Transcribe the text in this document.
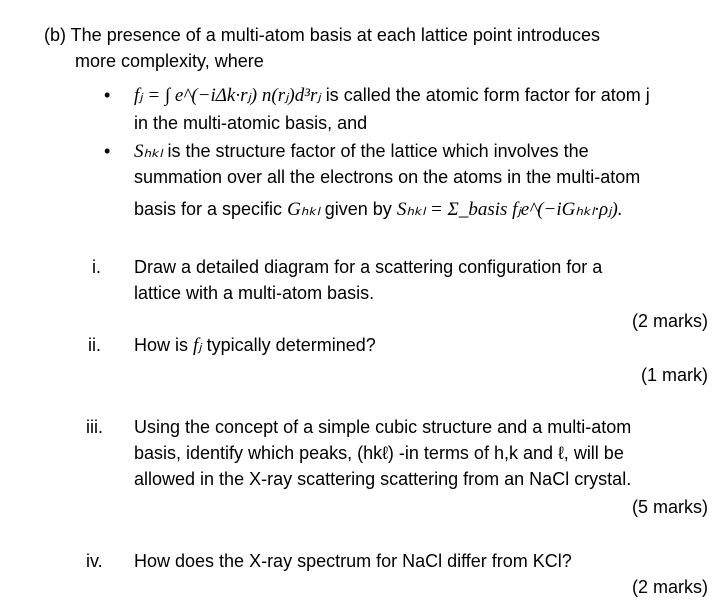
(b) The presence of a multi-atom basis at each lattice point introduces
more complexity, where
• fⱼ = ∫ e^(−iΔk·rⱼ) n(rⱼ)d³rⱼ is called the atomic form factor for atom j
in the multi-atomic basis, and
• Sₕₖₗ is the structure factor of the lattice which involves the
summation over all the electrons on the atoms in the multi-atom
basis for a specific Gₕₖₗ given by Sₕₖₗ = Σ_basis fⱼe^(−iGₕₖₗ·ρⱼ).
i. Draw a detailed diagram for a scattering configuration for a
lattice with a multi-atom basis.
(2 marks)
ii. How is fⱼ typically determined?
(1 mark)
iii. Using the concept of a simple cubic structure and a multi-atom
basis, identify which peaks, (hkℓ) -in terms of h,k and ℓ, will be
allowed in the X-ray scattering scattering from an NaCl crystal.
(5 marks)
iv. How does the X-ray spectrum for NaCl differ from KCl?
(2 marks)
